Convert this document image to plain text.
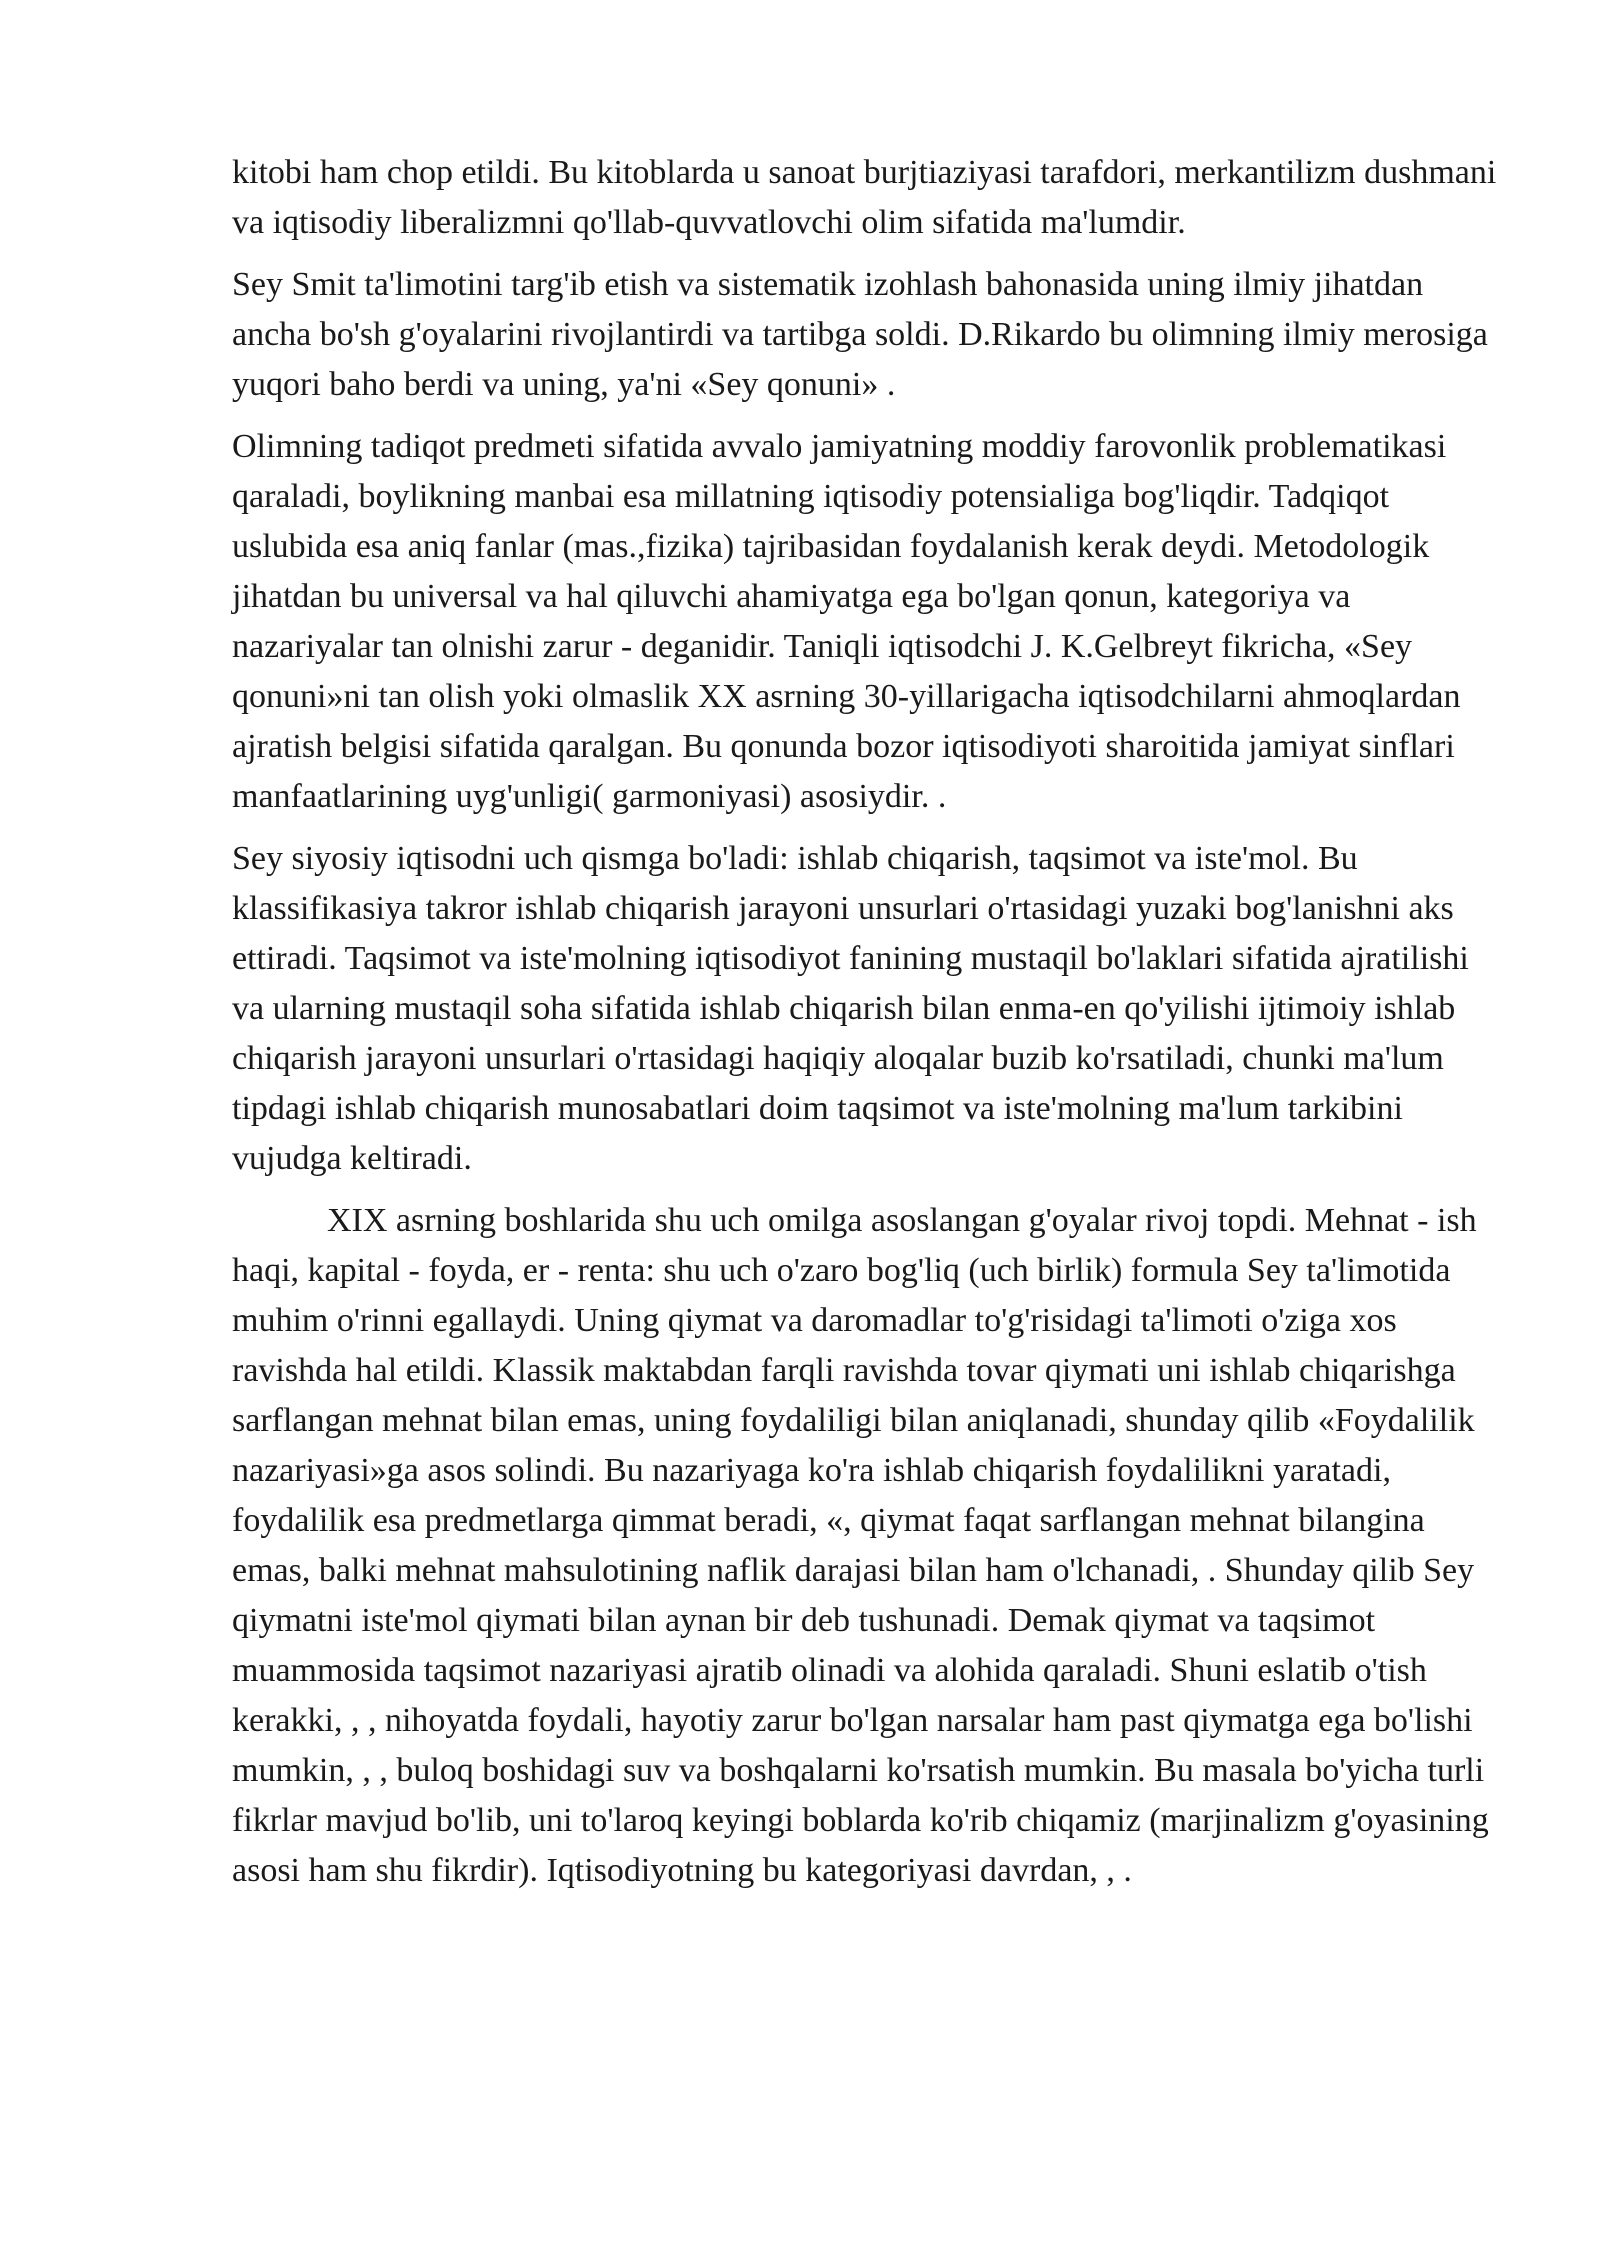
kitobi ham chop etildi. Bu kitoblarda u sanoat burjtiaziyasi tarafdori, merkantilizm dushmani va iqtisodiy liberalizmni qo'llab-quvvatlovchi olim sifatida ma'lumdir.

Sey Smit ta'limotini targ'ib etish va sistematik izohlash bahonasida uning ilmiy jihatdan ancha bo'sh g'oyalarini rivojlantirdi va tartibga soldi. D.Rikardo bu olimning ilmiy merosiga yuqori baho berdi va uning, ya'ni «Sey qonuni» .

Olimning tadiqot predmeti sifatida avvalo jamiyatning moddiy farovonlik problematikasi qaraladi, boylikning manbai esa millatning iqtisodiy potensialiga bog'liqdir. Tadqiqot uslubida esa aniq fanlar (mas.,fizika) tajribasidan foydalanish kerak deydi. Metodologik jihatdan bu universal va hal qiluvchi ahamiyatga ega bo'lgan qonun, kategoriya va nazariyalar tan olnishi zarur - deganidir. Taniqli iqtisodchi J. K.Gelbreyt fikricha, «Sey qonuni»ni tan olish yoki olmaslik XX asrning 30-yillarigacha iqtisodchilarni ahmoqlardan ajratish belgisi sifatida qaralgan. Bu qonunda bozor iqtisodiyoti sharoitida jamiyat sinflari manfaatlarining uyg'unligi( garmoniyasi) asosiydir. .

Sey siyosiy iqtisodni uch qismga bo'ladi: ishlab chiqarish, taqsimot va iste'mol. Bu klassifikasiya takror ishlab chiqarish jarayoni unsurlari o'rtasidagi yuzaki bog'lanishni aks ettiradi. Taqsimot va iste'molning iqtisodiyot fanining mustaqil bo'laklari sifatida ajratilishi va ularning mustaqil soha sifatida ishlab chiqarish bilan enma-en qo'yilishi ijtimoiy ishlab chiqarish jarayoni unsurlari o'rtasidagi haqiqiy aloqalar buzib ko'rsatiladi, chunki ma'lum tipdagi ishlab chiqarish munosabatlari doim taqsimot va iste'molning ma'lum tarkibini vujudga keltiradi.

XIX asrning boshlarida shu uch omilga asoslangan g'oyalar rivoj topdi. Mehnat - ish haqi, kapital - foyda, er - renta: shu uch o'zaro bog'liq (uch birlik) formula Sey ta'limotida muhim o'rinni egallaydi. Uning qiymat va daromadlar to'g'risidagi ta'limoti o'ziga xos ravishda hal etildi. Klassik maktabdan farqli ravishda tovar qiymati uni ishlab chiqarishga sarflangan mehnat bilan emas, uning foydaliligi bilan aniqlanadi, shunday qilib «Foydalilik nazariyasi»ga asos solindi. Bu nazariyaga ko'ra ishlab chiqarish foydalilikni yaratadi, foydalilik esa predmetlarga qimmat beradi, «, qiymat faqat sarflangan mehnat bilangina emas, balki mehnat mahsulotining naflik darajasi bilan ham o'lchanadi, . Shunday qilib Sey qiymatni iste'mol qiymati bilan aynan bir deb tushunadi. Demak qiymat va taqsimot muammosida taqsimot nazariyasi ajratib olinadi va alohida qaraladi. Shuni eslatib o'tish kerakki, , , nihoyatda foydali, hayotiy zarur bo'lgan narsalar ham past qiymatga ega bo'lishi mumkin, , , buloq boshidagi suv va boshqalarni ko'rsatish mumkin. Bu masala bo'yicha turli fikrlar mavjud bo'lib, uni to'laroq keyingi boblarda ko'rib chiqamiz (marjinalizm g'oyasining asosi ham shu fikrdir). Iqtisodiyotning bu kategoriyasi davrdan, , .
